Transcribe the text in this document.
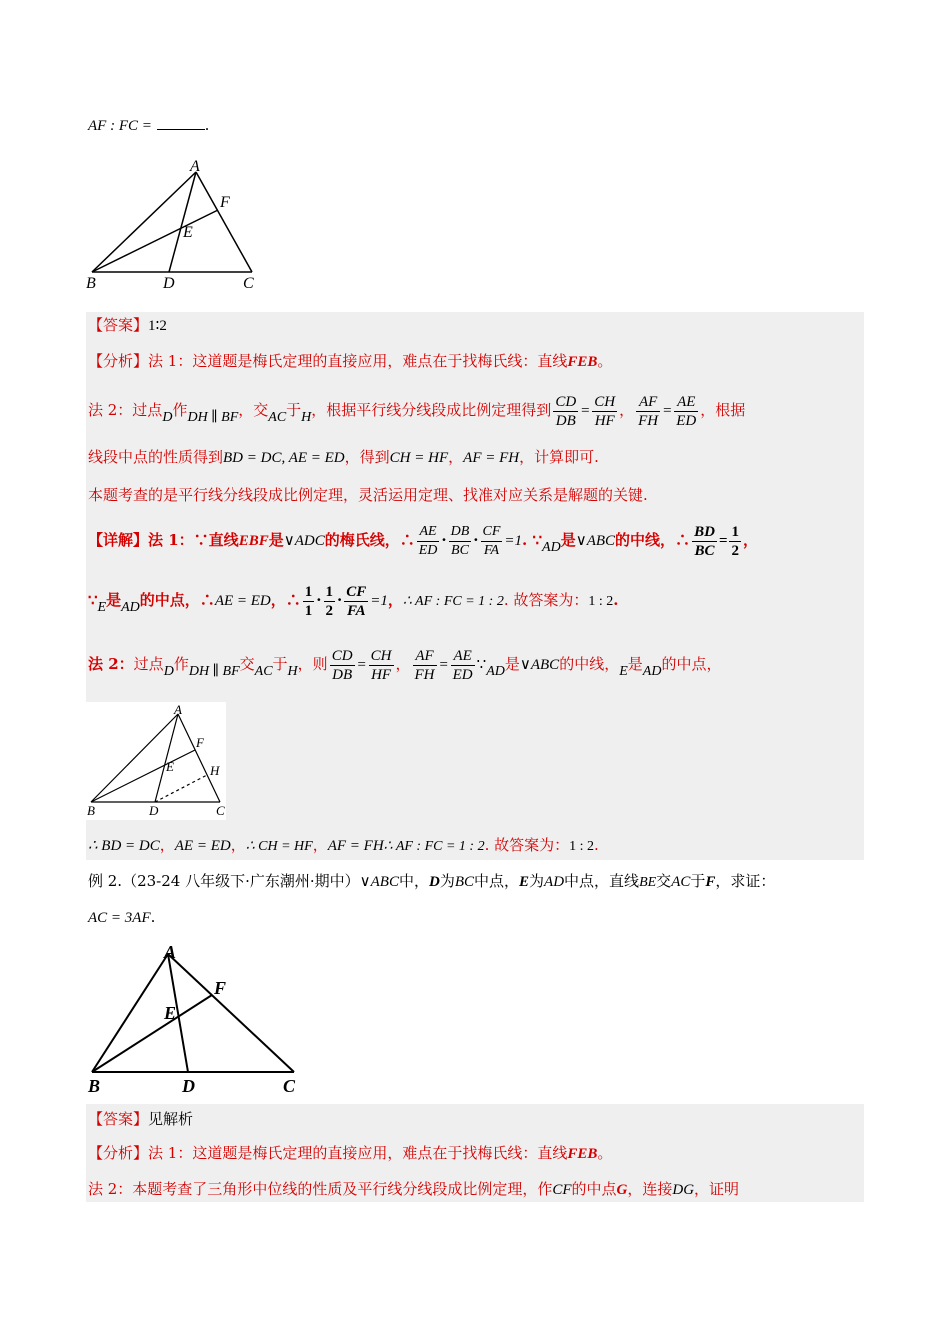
AF : FC =	.
A
B	C
D
E
F
【答案】1∶2
【分析】法 1：这道题是梅氏定理的直接应用，难点在于找梅氏线：直线FEB。
法 2：过点D作DH ∥ BF，交AC于H，根据平行线分线段成比例定理得到 $\frac{CD}{DB} = \frac{CH}{HF}$ ， $\frac{AF}{FH} = \frac{AE}{ED}$ ，根据
线段中点的性质得到BD = DC, AE = ED，得到CH = HF，AF = FH，计算即可.
本题考查的是平行线分线段成比例定理，灵活运用定理、找准对应关系是解题的关键.
【详解】法 1：∵直线EBF是∨ADC的梅氏线，∴ $\frac{AE}{ED} \cdot \frac{DB}{BC} \cdot \frac{CF}{FA} =1$. ∵AD是∨ABC的中线，∴ $\frac{BD}{BC} = \frac{1}{2}$ ，
∵E是AD的中点，∴AE = ED，∴ $\frac{1}{1} \cdot \frac{1}{2} \cdot \frac{CF}{FA} =1$，∴ AF : FC = 1 : 2. 故答案为：1 : 2.
法 2：过点D作DH ∥ BF交AC于H，则 $\frac{CD}{DB} = \frac{CH}{HF}$ ， $\frac{AF}{FH} = \frac{AE}{ED}$ ∵AD是∨ABC的中线，E是AD的中点，
A
B	C
D
E
F
H
∴ BD = DC，AE = ED，∴ CH = HF，AF = FH∴ AF : FC = 1 : 2. 故答案为：1 : 2.
例 2.（23-24 八年级下·广东潮州·期中）∨ABC中，D为BC中点，E为AD中点，直线BE交AC于F，求证：
AC = 3AF.
A
B	C
D
E
F
【答案】见解析
【分析】法 1：这道题是梅氏定理的直接应用，难点在于找梅氏线：直线FEB。
法 2：本题考查了三角形中位线的性质及平行线分线段成比例定理，作CF的中点G，连接DG，证明
